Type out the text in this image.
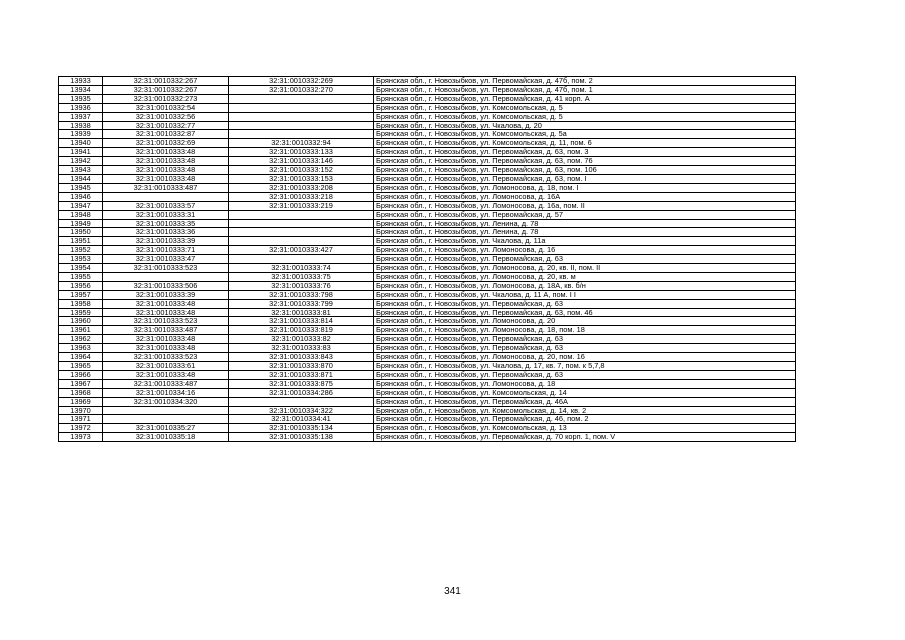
13933	32:31:0010332:267	32:31:0010332:269	Брянская обл., г. Новозыбков, ул. Первомайская, д. 47б, пом. 2
13934	32:31:0010332:267	32:31:0010332:270	Брянская обл., г. Новозыбков, ул. Первомайская, д. 47б, пом. 1
13935	32:31:0010332:273		Брянская обл., г. Новозыбков, ул. Первомайская, д. 41 корп. А
13936	32:31:0010332:54		Брянская обл., г. Новозыбков, ул. Комсомольская, д. 5
13937	32:31:0010332:56		Брянская обл., г. Новозыбков, ул. Комсомольская, д. 5
13938	32:31:0010332:77		Брянская обл., г. Новозыбков, ул. Чкалова, д. 20
13939	32:31:0010332:87		Брянская обл., г. Новозыбков, ул. Комсомольская, д. 5а
13940	32:31:0010332:69	32:31:0010332:94	Брянская обл., г. Новозыбков, ул. Комсомольская, д. 11, пом. 6
13941	32:31:0010333:48	32:31:0010333:133	Брянская обл., г. Новозыбков, ул. Первомайская, д. 63, пом. 3
13942	32:31:0010333:48	32:31:0010333:146	Брянская обл., г. Новозыбков, ул. Первомайская, д. 63, пом. 76
13943	32:31:0010333:48	32:31:0010333:152	Брянская обл., г. Новозыбков, ул. Первомайская, д. 63, пом. 106
13944	32:31:0010333:48	32:31:0010333:153	Брянская обл., г. Новозыбков, ул. Первомайская, д. 63, пом. I
13945	32:31:0010333:487	32:31:0010333:208	Брянская обл., г. Новозыбков, ул. Ломоносова, д. 18, пом. I
13946		32:31:0010333:218	Брянская обл., г. Новозыбков, ул. Ломоносова, д. 16А
13947	32:31:0010333:57	32:31:0010333:219	Брянская обл., г. Новозыбков, ул. Ломоносова, д. 16а, пом. II
13948	32:31:0010333:31		Брянская обл., г. Новозыбков, ул. Первомайская, д. 57
13949	32:31:0010333:35		Брянская обл., г. Новозыбков, ул. Ленина, д. 78
13950	32:31:0010333:36		Брянская обл., г. Новозыбков, ул. Ленина, д. 78
13951	32:31:0010333:39		Брянская обл., г. Новозыбков, ул. Чкалова, д. 11а
13952	32:31:0010333:71	32:31:0010333:427	Брянская обл., г. Новозыбков, ул. Ломоносова, д. 16
13953	32:31:0010333:47		Брянская обл., г. Новозыбков, ул. Первомайская, д. 63
13954	32:31:0010333:523	32:31:0010333:74	Брянская обл., г. Новозыбков, ул. Ломоносова, д. 20, кв. II, пом. II
13955		32:31:0010333:75	Брянская обл., г. Новозыбков, ул. Ломоносова, д. 20, кв. м
13956	32:31:0010333:506	32:31:0010333:76	Брянская обл., г. Новозыбков, ул. Ломоносова, д. 18А, кв. б/н
13957	32:31:0010333:39	32:31:0010333:798	Брянская обл., г. Новозыбков, ул. Чкалова, д. 11 А, пом. I I
13958	32:31:0010333:48	32:31:0010333:799	Брянская обл., г. Новозыбков, ул. Первомайская, д. 63
13959	32:31:0010333:48	32:31:0010333:81	Брянская обл., г. Новозыбков, ул. Первомайская, д. 63, пом. 46
13960	32:31:0010333:523	32:31:0010333:814	Брянская обл., г. Новозыбков, ул. Ломоносова, д. 20
13961	32:31:0010333:487	32:31:0010333:819	Брянская обл., г. Новозыбков, ул. Ломоносова, д. 18, пом. 18
13962	32:31:0010333:48	32:31:0010333:82	Брянская обл., г. Новозыбков, ул. Первомайская, д. 63
13963	32:31:0010333:48	32:31:0010333:83	Брянская обл., г. Новозыбков, ул. Первомайская, д. 63
13964	32:31:0010333:523	32:31:0010333:843	Брянская обл., г. Новозыбков, ул. Ломоносова, д. 20, пом. 16
13965	32:31:0010333:61	32:31:0010333:870	Брянская обл., г. Новозыбков, ул. Чкалова, д. 17, кв. 7, пом. к 5,7,8
13966	32:31:0010333:48	32:31:0010333:871	Брянская обл., г. Новозыбков, ул. Первомайская, д. 63
13967	32:31:0010333:487	32:31:0010333:875	Брянская обл., г. Новозыбков, ул. Ломоносова, д. 18
13968	32:31:0010334:16	32:31:0010334:286	Брянская обл., г. Новозыбков, ул. Комсомольская, д. 14
13969	32:31:0010334:320		Брянская обл., г. Новозыбков, ул. Первомайская, д. 46А
13970		32:31:0010334:322	Брянская обл., г. Новозыбков, ул. Комсомольская, д. 14, кв. 2
13971		32:31:0010334:41	Брянская обл., г. Новозыбков, ул. Первомайская, д. 46, пом. 2
13972	32:31:0010335:27	32:31:0010335:134	Брянская обл., г. Новозыбков, ул. Комсомольская, д. 13
13973	32:31:0010335:18	32:31:0010335:138	Брянская обл., г. Новозыбков, ул. Первомайская, д. 70 корп. 1, пом. V
341
